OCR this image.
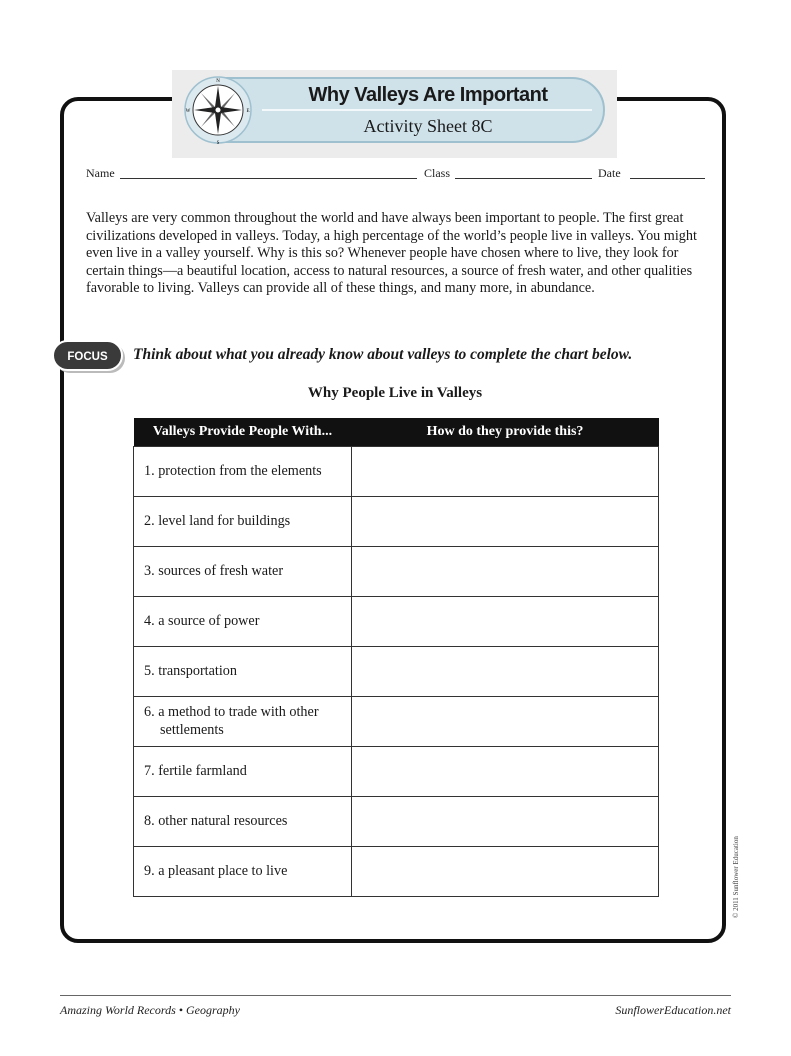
N
S
W	E
Why Valleys Are Important
Activity Sheet 8C
Name	Class	Date
Valleys are very common throughout the world and have always been important to people. The first great civilizations developed in valleys. Today, a high percentage of the world’s people live in valleys. You might even live in a valley yourself. Why is this so? Whenever people have chosen where to live, they look for certain things—a beautiful location, access to natural resources, a source of fresh water, and other qualities favorable to living. Valleys can provide all of these things, and many more, in abundance.
FOCUS Think about what you already know about valleys to complete the chart below.
Why People Live in Valleys
Valleys Provide People With...	How do they provide this?

1. protection from the elements	

2. level land for buildings	

3. sources of fresh water	

4. a source of power	

5. transportation	

6. a method to trade with other settlements	

7. fertile farmland	

8. other natural resources	

9. a pleasant place to live	
		© 2011 Sunflower Education
Amazing World Records • Geography	SunflowerEducation.net
